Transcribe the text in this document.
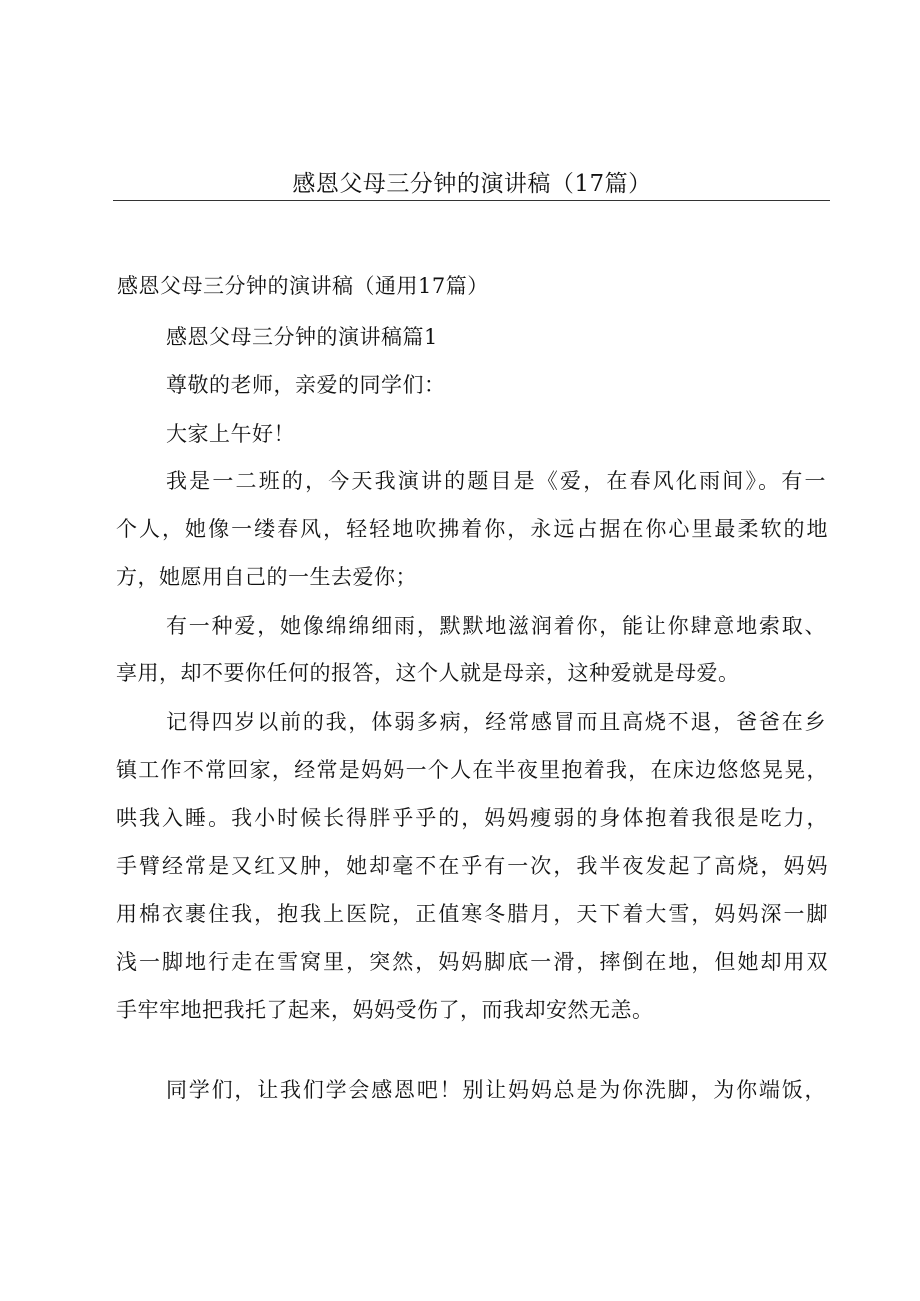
感恩父母三分钟的演讲稿（17篇）
感恩父母三分钟的演讲稿（通用17篇）
感恩父母三分钟的演讲稿篇1
尊敬的老师，亲爱的同学们：
大家上午好！
我是一二班的，今天我演讲的题目是《爱，在春风化雨间》。有一
个人，她像一缕春风，轻轻地吹拂着你，永远占据在你心里最柔软的地
方，她愿用自己的一生去爱你；
有一种爱，她像绵绵细雨，默默地滋润着你，能让你肆意地索取、
享用，却不要你任何的报答，这个人就是母亲，这种爱就是母爱。
记得四岁以前的我，体弱多病，经常感冒而且高烧不退，爸爸在乡
镇工作不常回家，经常是妈妈一个人在半夜里抱着我，在床边悠悠晃晃，
哄我入睡。我小时候长得胖乎乎的，妈妈瘦弱的身体抱着我很是吃力，
手臂经常是又红又肿，她却毫不在乎有一次，我半夜发起了高烧，妈妈
用棉衣裹住我，抱我上医院，正值寒冬腊月，天下着大雪，妈妈深一脚
浅一脚地行走在雪窝里，突然，妈妈脚底一滑，摔倒在地，但她却用双
手牢牢地把我托了起来，妈妈受伤了，而我却安然无恙。
同学们，让我们学会感恩吧！别让妈妈总是为你洗脚，为你端饭，
